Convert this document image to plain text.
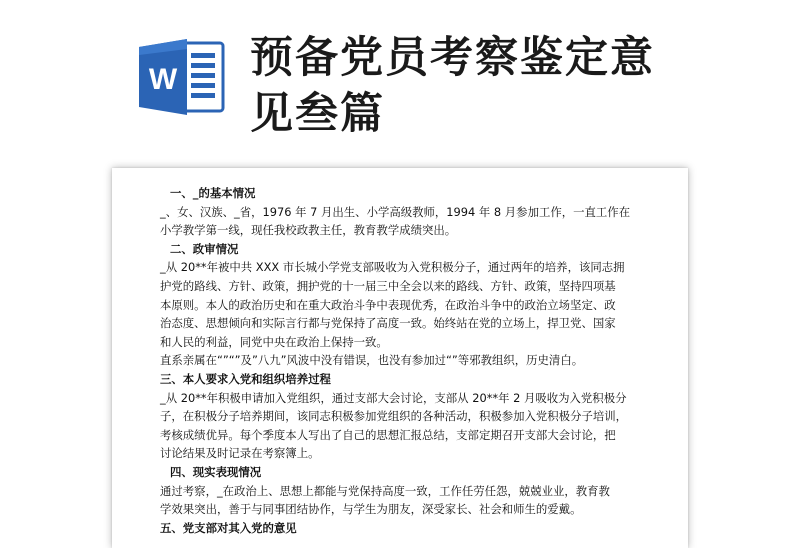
W 预备党员考察鉴定意
见叁篇

一、_的基本情况

_、女、汉族、_省，1976 年 7 月出生、小学高级教师，1994 年 8 月参加工作，一直工作在

小学教学第一线，现任我校政教主任，教育教学成绩突出。

二、政审情况

_从 20**年被中共 XXX 市长城小学党支部吸收为入党积极分子，通过两年的培养，该同志拥

护党的路线、方针、政策，拥护党的十一届三中全会以来的路线、方针、政策，坚持四项基

本原则。本人的政治历史和在重大政治斗争中表现优秀，在政治斗争中的政治立场坚定、政

治态度、思想倾向和实际言行都与党保持了高度一致。始终站在党的立场上，捍卫党、国家

和人民的利益，同党中央在政治上保持一致。

直系亲属在“”“”及”八九”风波中没有错误，也没有参加过“”等邪教组织，历史清白。

三、本人要求入党和组织培养过程

_从 20**年积极申请加入党组织，通过支部大会讨论，支部从 20**年 2 月吸收为入党积极分

子，在积极分子培养期间，该同志积极参加党组织的各种活动，积极参加入党积极分子培训，

考核成绩优异。每个季度本人写出了自己的思想汇报总结，支部定期召开支部大会讨论，把

讨论结果及时记录在考察簿上。

四、现实表现情况

通过考察，_在政治上、思想上都能与党保持高度一致，工作任劳任怨，兢兢业业，教育教

学效果突出，善于与同事团结协作，与学生为朋友，深受家长、社会和师生的爱戴。

五、党支部对其入党的意见
